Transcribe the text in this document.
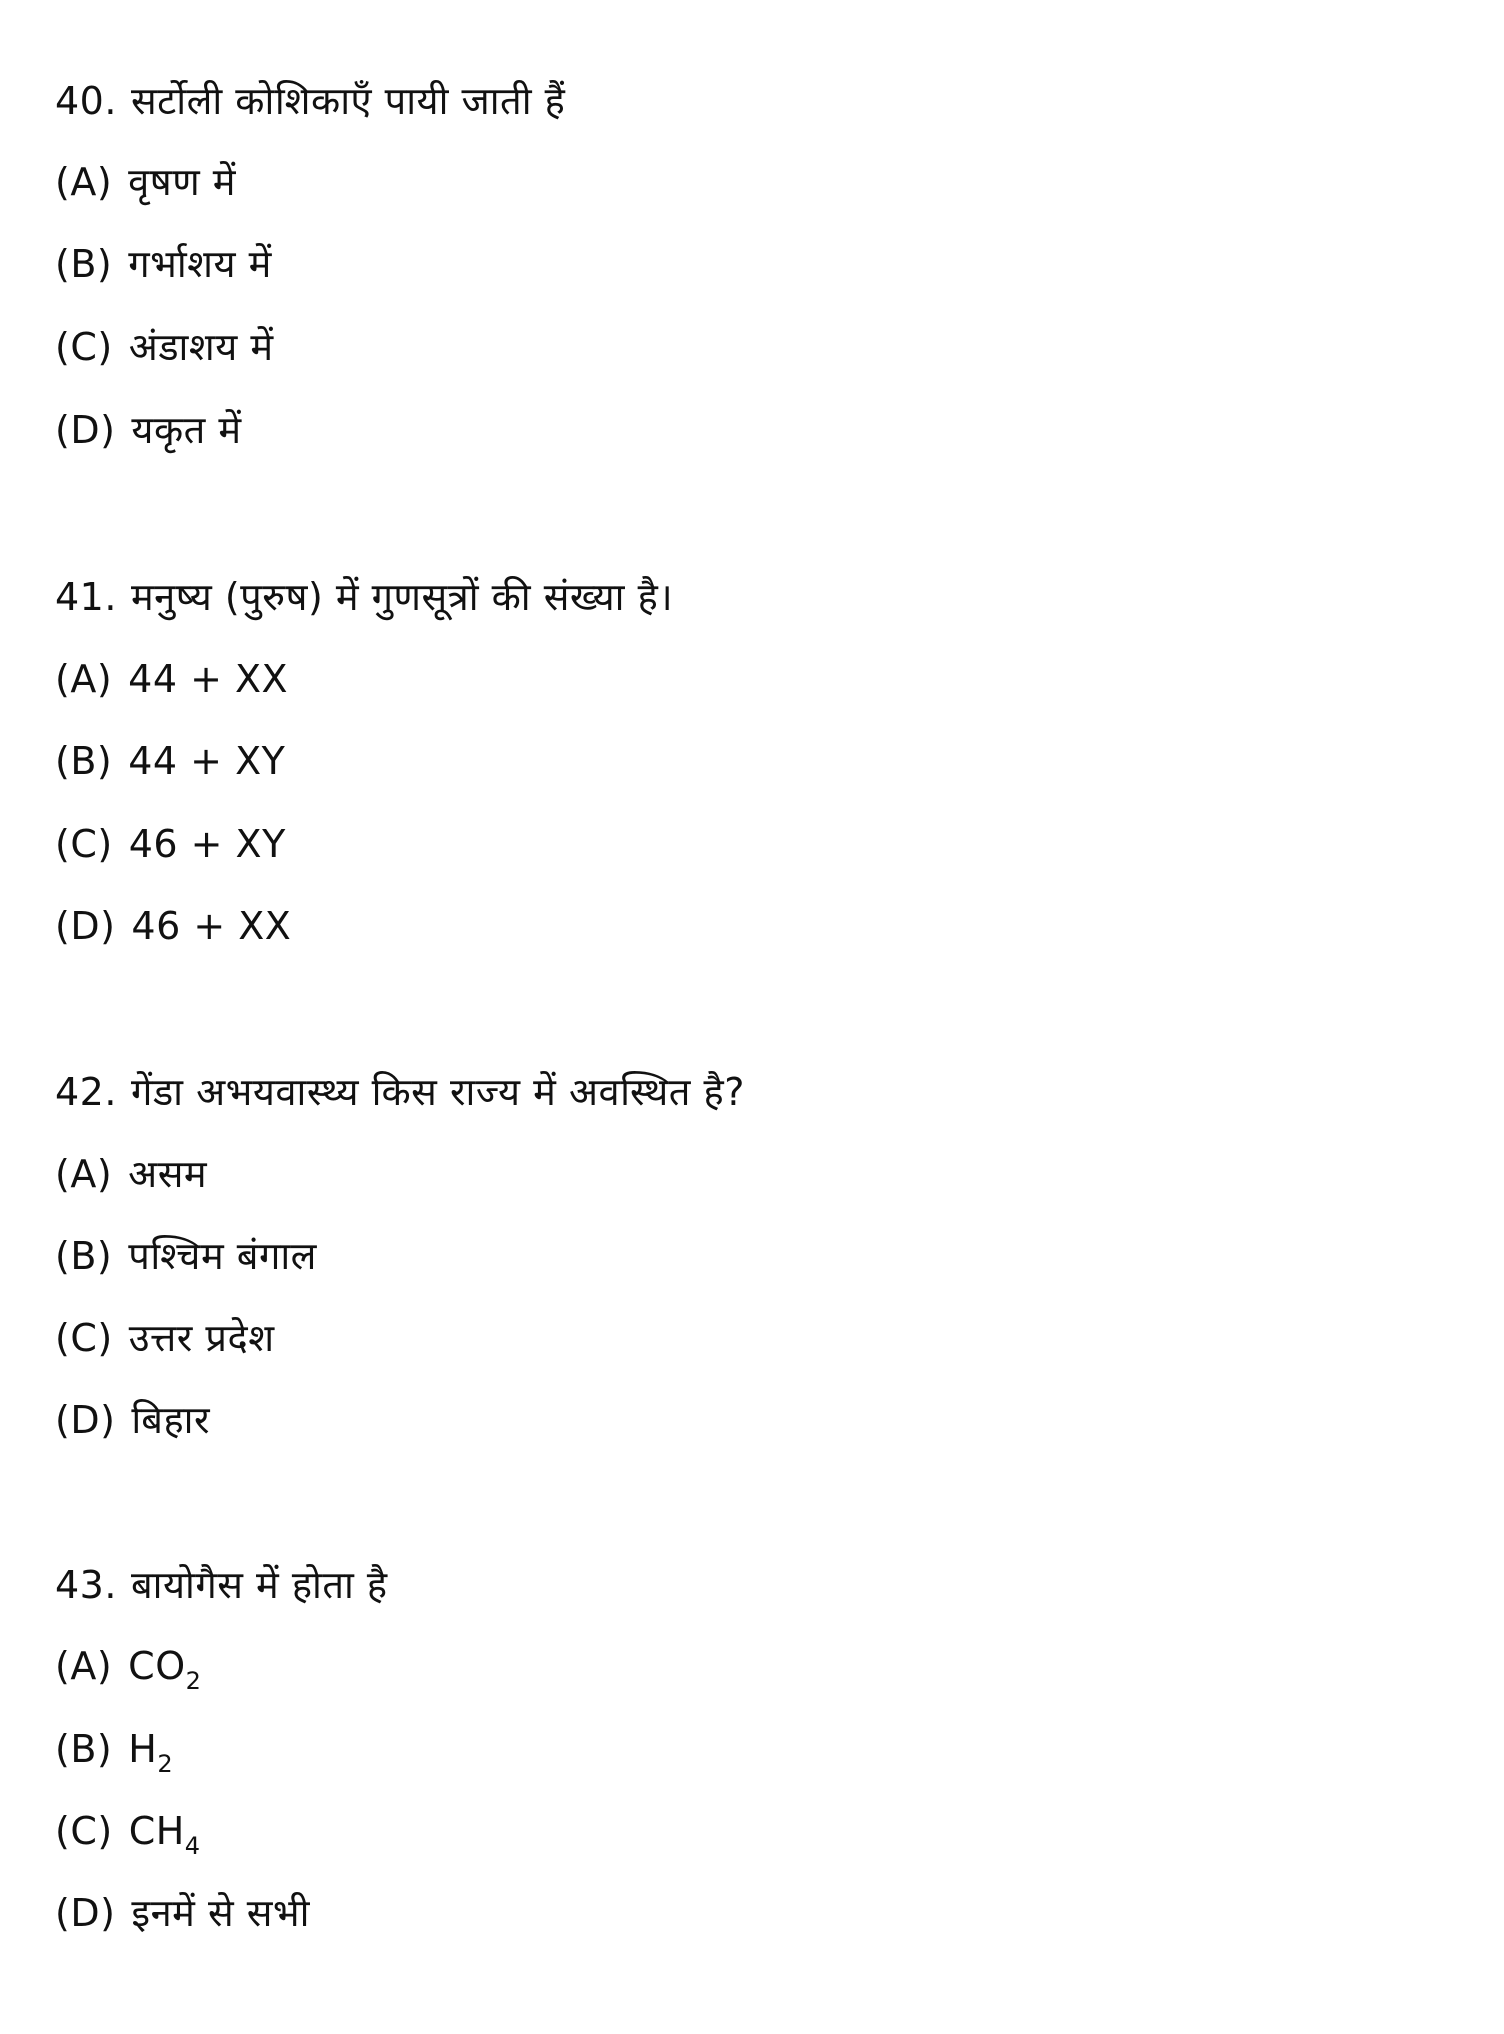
40. सर्टोली कोशिकाएँ पायी जाती हैं
(A) वृषण में
(B) गर्भाशय में
(C) अंडाशय में
(D) यकृत में
41. मनुष्य (पुरुष) में गुणसूत्रों की संख्या है।
(A) 44 + XX
(B) 44 + XY
(C) 46 + XY
(D) 46 + XX
42. गेंडा अभयवास्थ्य किस राज्य में अवस्थित है?
(A) असम
(B) पश्चिम बंगाल
(C) उत्तर प्रदेश
(D) बिहार
43. बायोगैस में होता है
(A) $CO_2$
(B) $H_2$
(C) $CH_4$
(D) इनमें से सभी
